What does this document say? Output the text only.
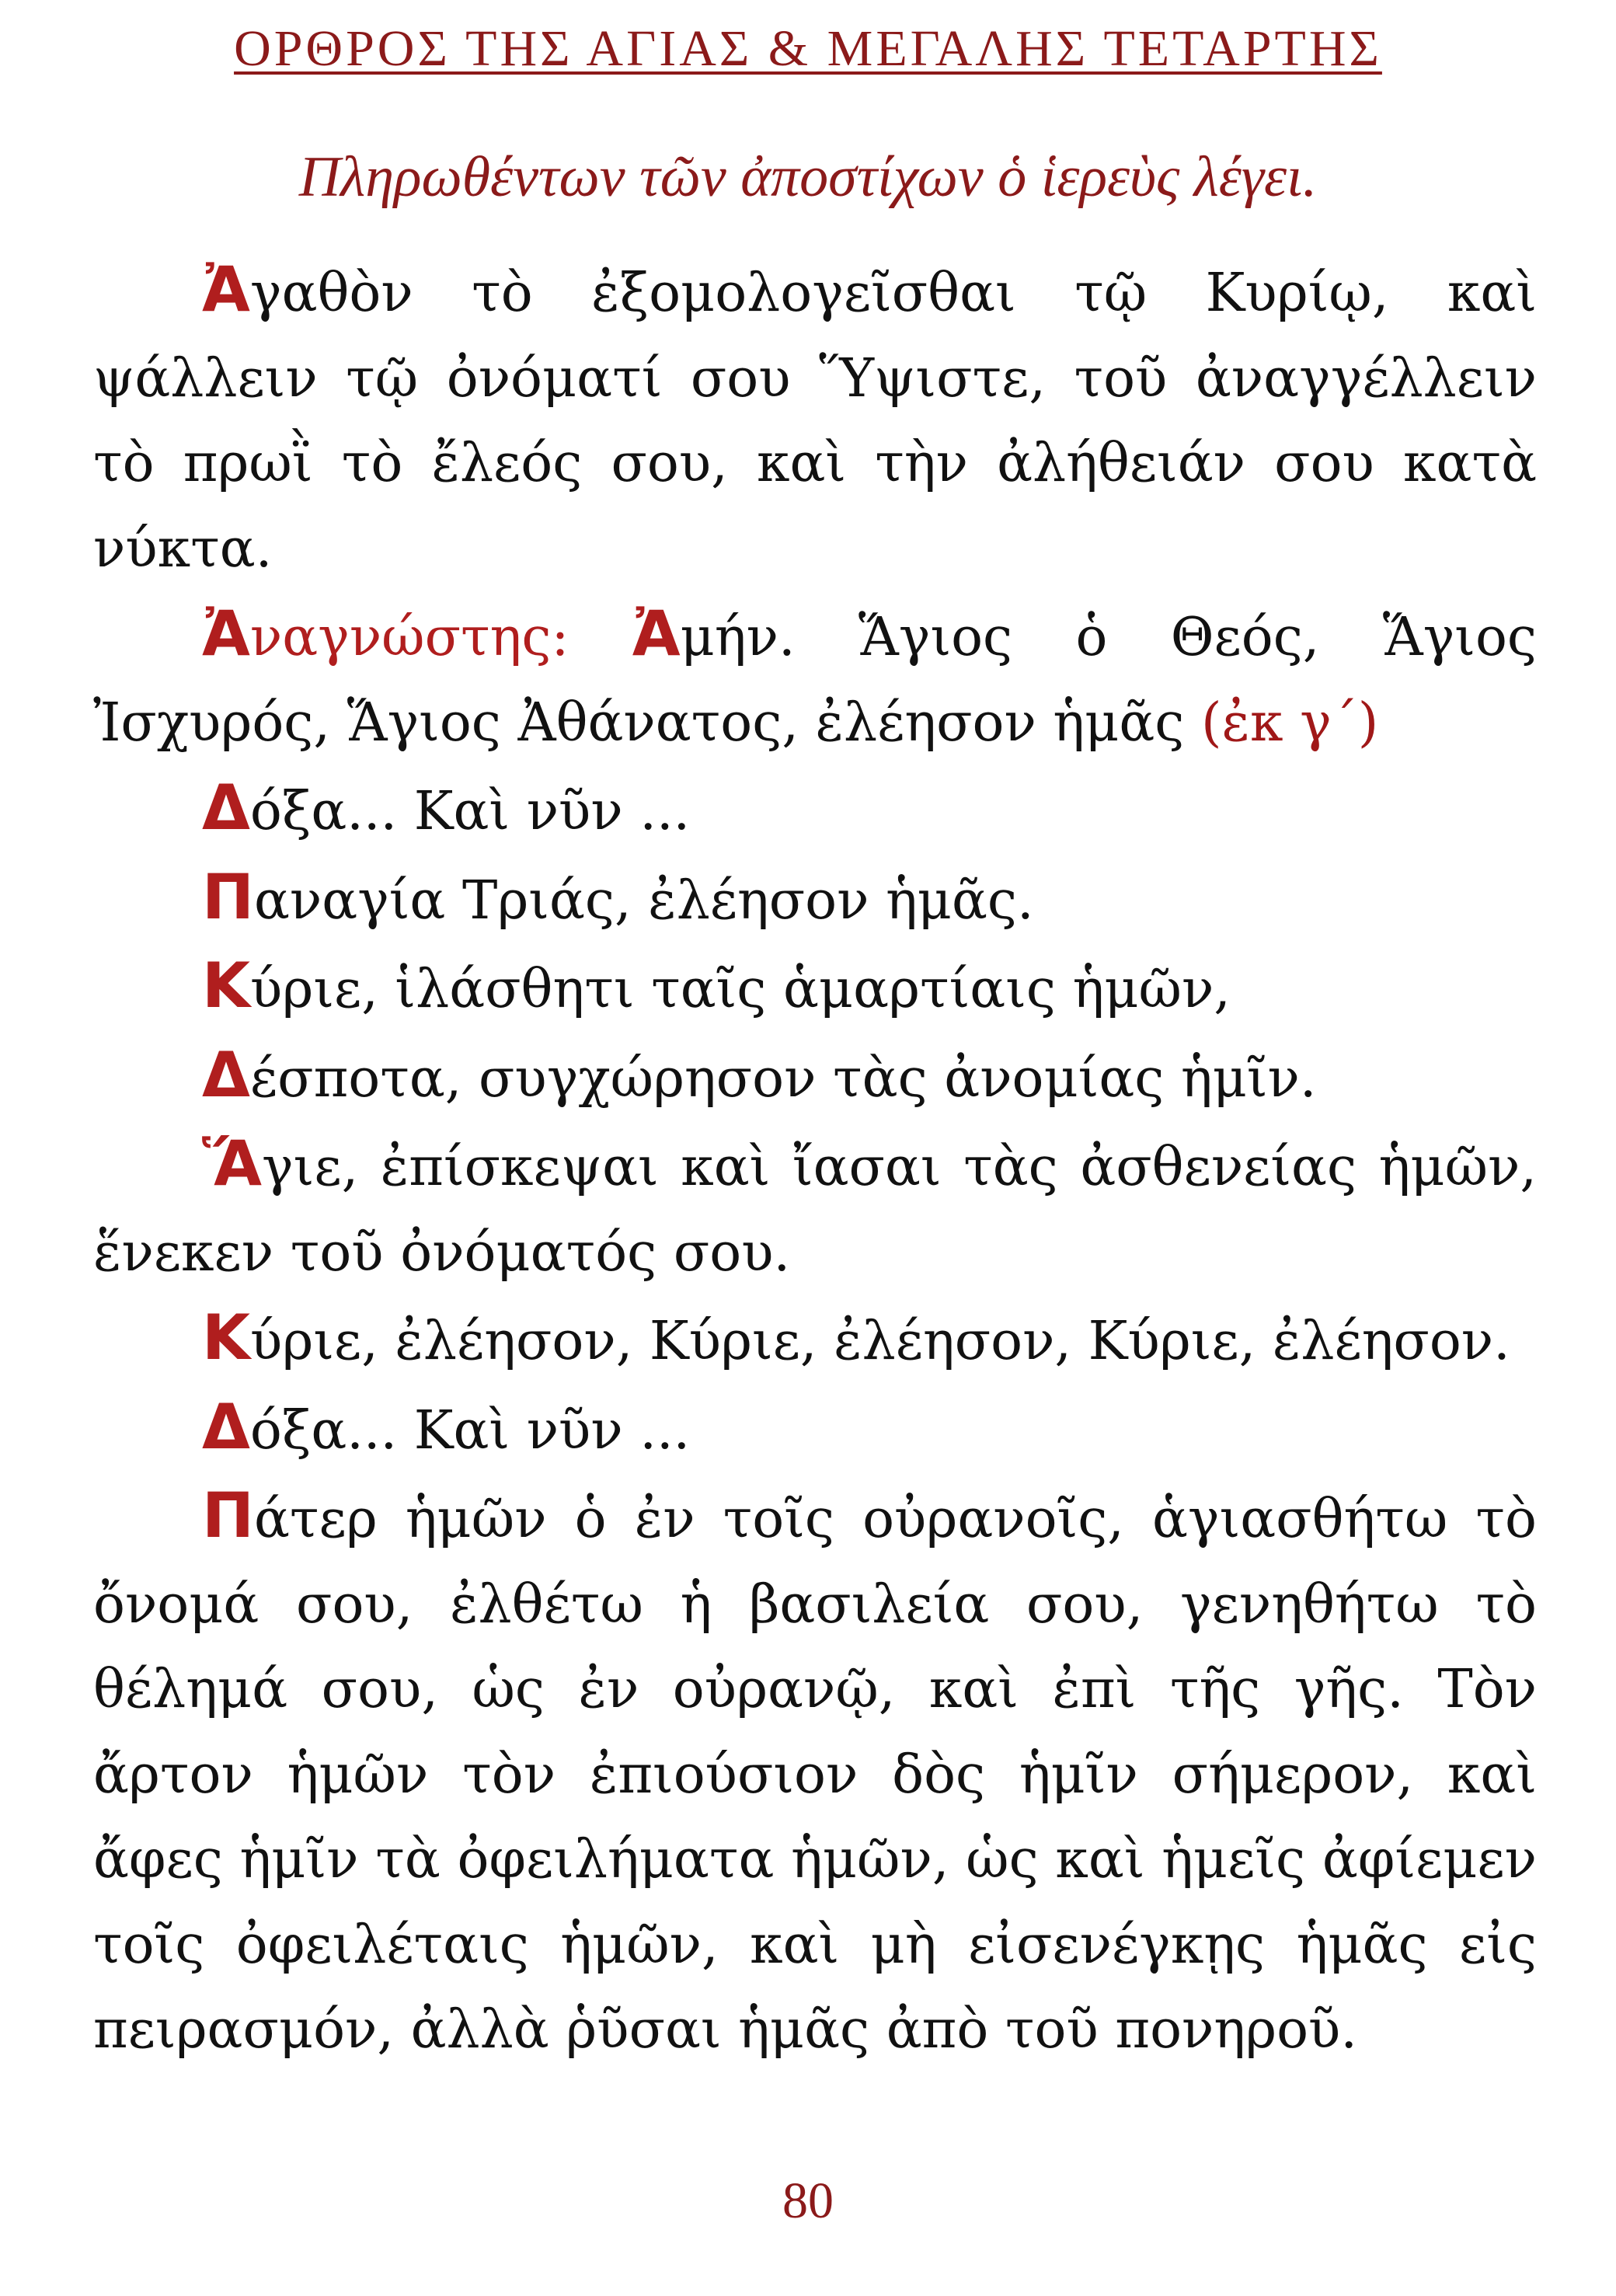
ΟΡΘΡΟΣ ΤΗΣ ΑΓΙΑΣ & ΜΕΓΑΛΗΣ ΤΕΤΑΡΤΗΣ
Πληρωθέντων τῶν ἀποστίχων ὁ ἱερεὺς λέγει.

Ἀγαθὸν τὸ ἐξομολογεῖσθαι τῷ Κυρίῳ, καὶ ψάλλειν τῷ ὀνόματί σου Ὕψιστε, τοῦ ἀναγγέλλειν τὸ πρωῒ τὸ ἔλεός σου, καὶ τὴν ἀλήθειάν σου κατὰ νύκτα.

Ἀναγνώστης: Ἀμήν. Ἅγιος ὁ Θεός, Ἅγιος Ἰσχυρός, Ἅγιος Ἀθάνατος, ἐλέησον ἡμᾶς (ἐκ γ΄)

Δόξα... Καὶ νῦν ...

Παναγία Τριάς, ἐλέησον ἡμᾶς.

Κύριε, ἱλάσθητι ταῖς ἁμαρτίαις ἡμῶν,

Δέσποτα, συγχώρησον τὰς ἀνομίας ἡμῖν.

Ἅγιε, ἐπίσκεψαι καὶ ἴασαι τὰς ἀσθενείας ἡμῶν, ἕνεκεν τοῦ ὀνόματός σου.

Κύριε, ἐλέησον, Κύριε, ἐλέησον, Κύριε, ἐλέησον.

Δόξα... Καὶ νῦν ...

Πάτερ ἡμῶν ὁ ἐν τοῖς οὐρανοῖς, ἁγιασθήτω τὸ ὄνομά σου, ἐλθέτω ἡ βασιλεία σου, γενηθήτω τὸ θέλημά σου, ὡς ἐν οὐρανῷ, καὶ ἐπὶ τῆς γῆς. Τὸν ἄρτον ἡμῶν τὸν ἐπιούσιον δὸς ἡμῖν σήμερον, καὶ ἄφες ἡμῖν τὰ ὀφειλήματα ἡμῶν, ὡς καὶ ἡμεῖς ἀφίεμεν τοῖς ὀφειλέταις ἡμῶν, καὶ μὴ εἰσενέγκῃς ἡμᾶς εἰς πειρασμόν, ἀλλὰ ῥῦσαι ἡμᾶς ἀπὸ τοῦ πονηροῦ.

80
